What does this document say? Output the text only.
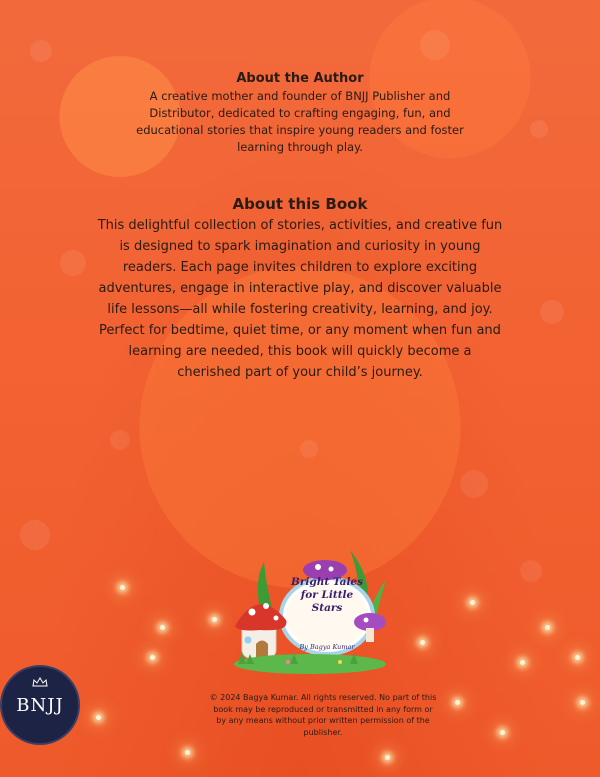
About the Author
A creative mother and founder of BNJJ Publisher and
Distributor, dedicated to crafting engaging, fun, and
educational stories that inspire young readers and foster
learning through play.
About this Book
This delightful collection of stories, activities, and creative fun
is designed to spark imagination and curiosity in young
readers. Each page invites children to explore exciting
adventures, engage in interactive play, and discover valuable
life lessons—all while fostering creativity, learning, and joy.
Perfect for bedtime, quiet time, or any moment when fun and
learning are needed, this book will quickly become a
cherished part of your child’s journey.
Bright Tales
for Little
Stars
By Bagya Kumar
© 2024 Bagya Kumar. All rights reserved. No part of this
book may be reproduced or transmitted in any form or
by any means without prior written permission of the
publisher.
BNJJ
